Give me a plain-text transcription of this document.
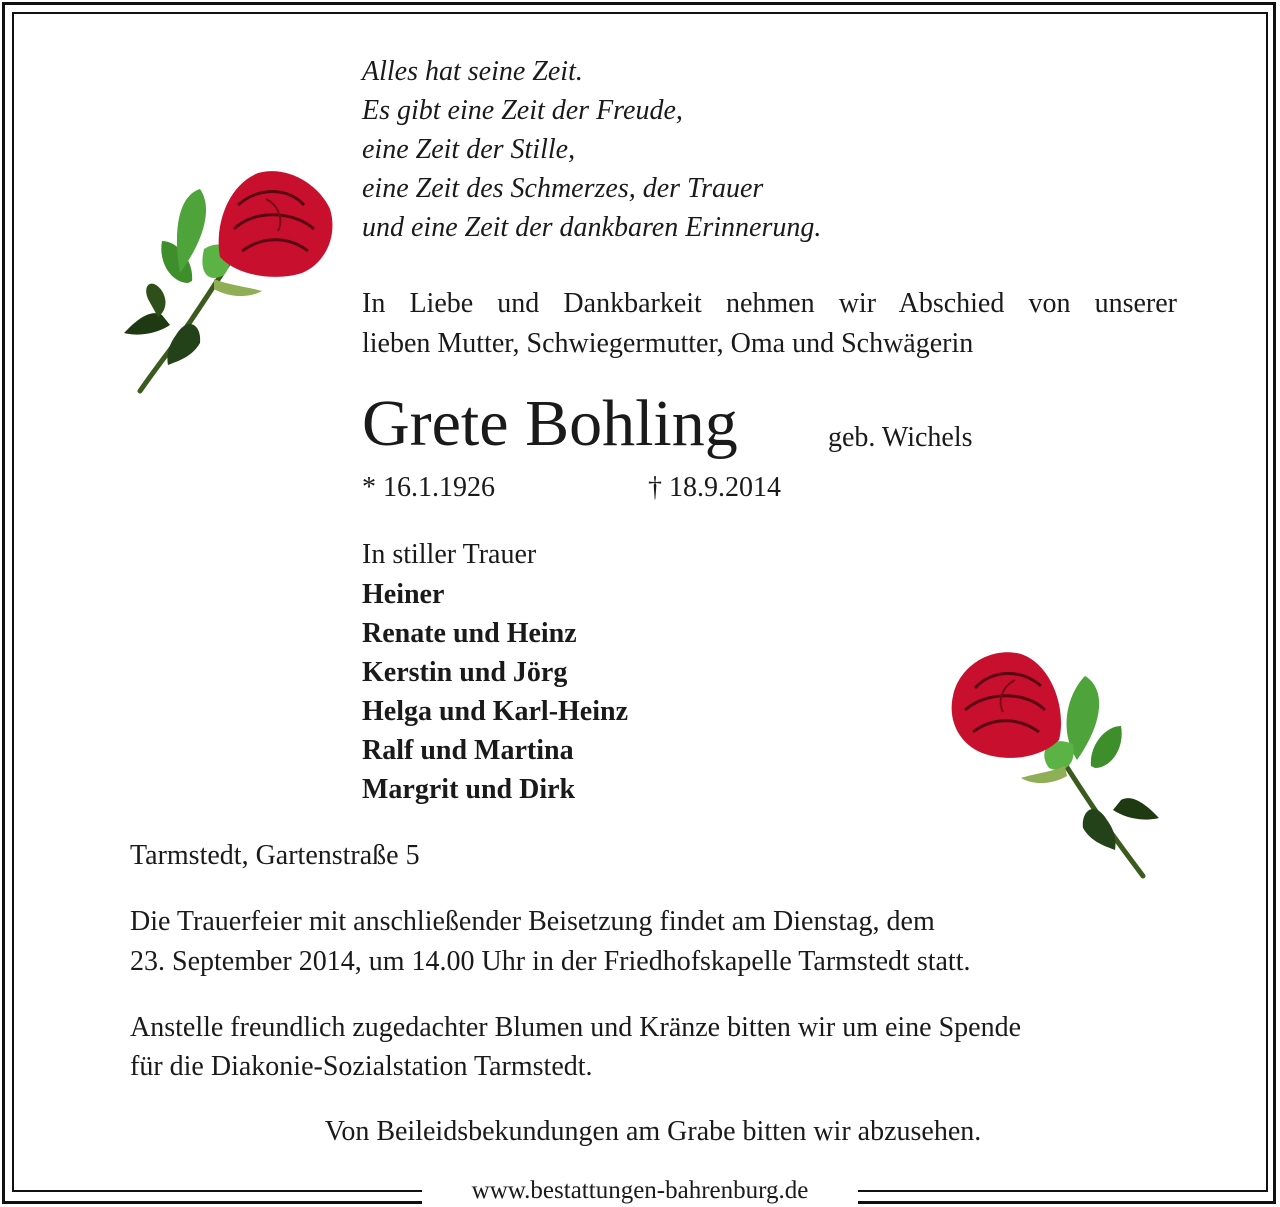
Alles hat seine Zeit.
Es gibt eine Zeit der Freude,
eine Zeit der Stille,
eine Zeit des Schmerzes, der Trauer
und eine Zeit der dankbaren Erinnerung.
In Liebe und Dankbarkeit nehmen wir Abschied von unserer
lieben Mutter, Schwiegermutter, Oma und Schwägerin
Grete Bohling	geb. Wichels
* 16.1.1926	† 18.9.2014
In stiller Trauer
Heiner
Renate und Heinz
Kerstin und Jörg
Helga und Karl-Heinz
Ralf und Martina
Margrit und Dirk
Tarmstedt, Gartenstraße 5
Die Trauerfeier mit anschließender Beisetzung findet am Dienstag, dem
23. September 2014, um 14.00 Uhr in der Friedhofskapelle Tarmstedt statt.
Anstelle freundlich zugedachter Blumen und Kränze bitten wir um eine Spende
für die Diakonie-Sozialstation Tarmstedt.
Von Beileidsbekundungen am Grabe bitten wir abzusehen.
www.bestattungen-bahrenburg.de
